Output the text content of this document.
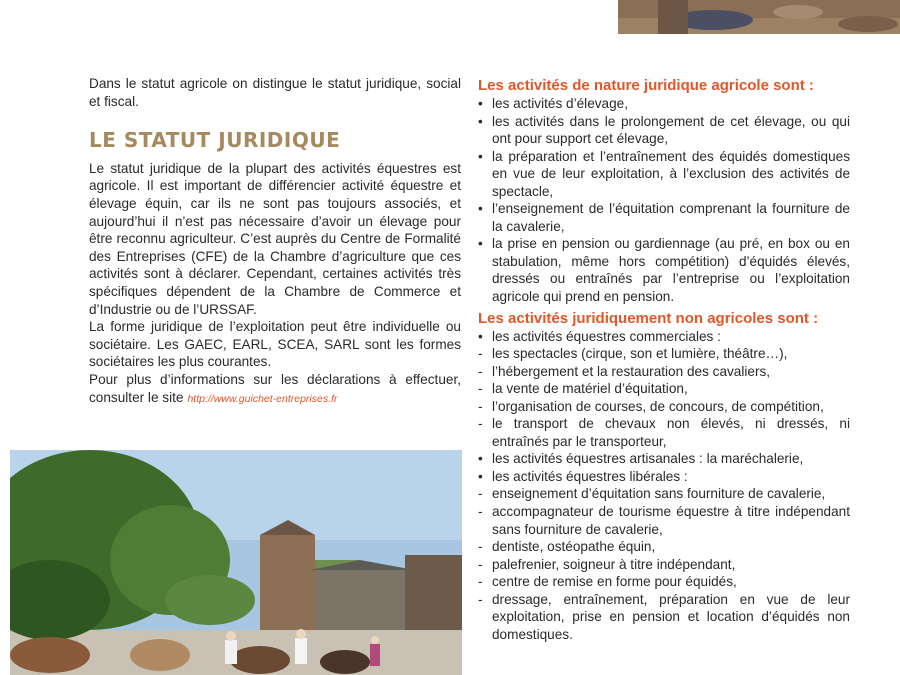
Dans le statut agricole on distingue le statut juridique, social et fiscal.

LE STATUT JURIDIQUE

Le statut juridique de la plupart des activités équestres est agricole. Il est important de différencier activité équestre et élevage équin, car ils ne sont pas toujours associés, et aujourd’hui il n’est pas nécessaire d’avoir un élevage pour être reconnu agriculteur. C’est auprès du Centre de Formalité des Entreprises (CFE) de la Chambre d’agriculture que ces activités sont à déclarer. Cependant, certaines activités très spécifiques dépendent de la Chambre de Commerce et d’Industrie ou de l’URSSAF.

La forme juridique de l’exploitation peut être individuelle ou sociétaire. Les GAEC, EARL, SCEA, SARL sont les formes sociétaires les plus courantes.

Pour plus d’informations sur les déclarations à effectuer, consulter le site http://www.guichet-entreprises.fr

Les activités de nature juridique agricole sont :

• les activités d’élevage,
• les activités dans le prolongement de cet élevage, ou qui ont pour support cet élevage,
• la préparation et l’entraînement des équidés domestiques en vue de leur exploitation, à l’exclusion des activités de spectacle,
• l’enseignement de l’équitation comprenant la fourniture de la cavalerie,
• la prise en pension ou gardiennage (au pré, en box ou en stabulation, même hors compétition) d’équidés élevés, dressés ou entraînés par l’entreprise ou l’exploitation agricole qui prend en pension.

Les activités juridiquement non agricoles sont :

• les activités équestres commerciales :
- les spectacles (cirque, son et lumière, théâtre…),
- l’hébergement et la restauration des cavaliers,
- la vente de matériel d’équitation,
- l’organisation de courses, de concours, de compétition,
- le transport de chevaux non élevés, ni dressés, ni entraînés par le transporteur,
• les activités équestres artisanales : la maréchalerie,
• les activités équestres libérales :
- enseignement d’équitation sans fourniture de cavalerie,
- accompagnateur de tourisme équestre à titre indépendant sans fourniture de cavalerie,
- dentiste, ostéopathe équin,
- palefrenier, soigneur à titre indépendant,
- centre de remise en forme pour équidés,
- dressage, entraînement, préparation en vue de leur exploitation, prise en pension et location d’équidés non domestiques.
